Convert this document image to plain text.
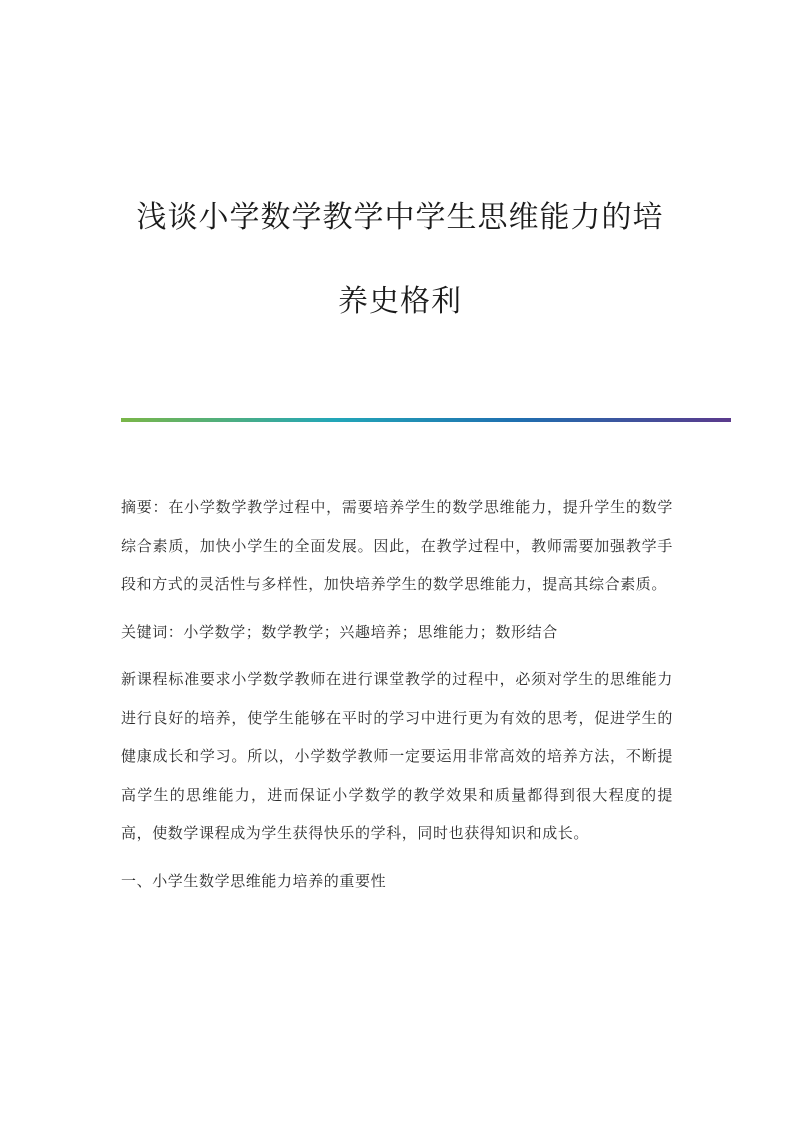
浅谈小学数学教学中学生思维能力的培
养史格利

摘要：在小学数学教学过程中，需要培养学生的数学思维能力，提升学生的数学综合素质，加快小学生的全面发展。因此，在教学过程中，教师需要加强教学手段和方式的灵活性与多样性，加快培养学生的数学思维能力，提高其综合素质。

关键词：小学数学；数学教学；兴趣培养；思维能力；数形结合

新课程标准要求小学数学教师在进行课堂教学的过程中，必须对学生的思维能力进行良好的培养，使学生能够在平时的学习中进行更为有效的思考，促进学生的健康成长和学习。所以，小学数学教师一定要运用非常高效的培养方法，不断提高学生的思维能力，进而保证小学数学的教学效果和质量都得到很大程度的提高，使数学课程成为学生获得快乐的学科，同时也获得知识和成长。

一、小学生数学思维能力培养的重要性
